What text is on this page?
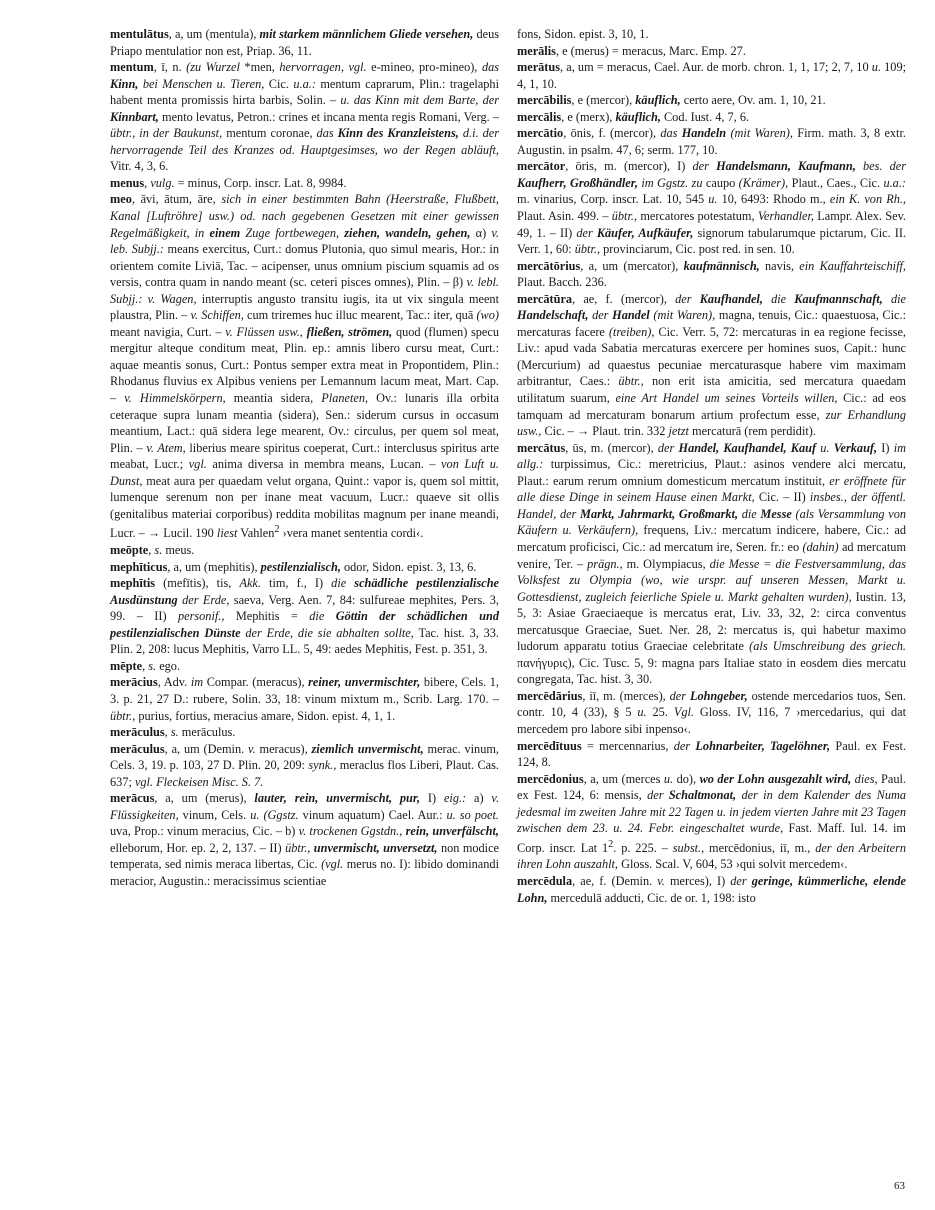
mentulātus, a, um (mentula), mit starkem männlichem Gliede versehen, deus Priapo mentulatior non est, Priap. 36, 11.

mentum, ī, n. (zu Wurzel *men, hervorragen, vgl. e-mineo, pro-mineo), das Kinn, bei Menschen u. Tieren, Cic. u.a.: mentum caprarum, Plin.: tragelaphi habent menta promissis hirta barbis, Solin. – u. das Kinn mit dem Barte, der Kinnbart, mento levatus, Petron.: crines et incana menta regis Romani, Verg. – übtr., in der Baukunst, mentum coronae, das Kinn des Kranzleistens, d.i. der hervorragende Teil des Kranzes od. Hauptgesimses, wo der Regen abläuft, Vitr. 4, 3, 6.

menus, vulg. = minus, Corp. inscr. Lat. 8, 9984.

meo, āvi, ātum, āre, sich in einer bestimmten Bahn (Heerstraße, Flußbett, Kanal [Luftröhre] usw.) od. nach gegebenen Gesetzen mit einer gewissen Regelmäßigkeit, in einem Zuge fortbewegen, ziehen, wandeln, gehen, α) v. leb. Subjj.: means exercitus, Curt.: domus Plutonia, quo simul mearis, Hor.: in orientem comite Liviā, Tac. – acipenser, unus omnium piscium squamis ad os versis, contra quam in nando meant (sc. ceteri pisces omnes), Plin. – β) v. lebl. Subjj.: v. Wagen, interruptis angusto transitu iugis, ita ut vix singula meent plaustra, Plin. – v. Schiffen, cum triremes huc illuc mearent, Tac.: iter, quā (wo) meant navigia, Curt. – v. Flüssen usw., fließen, strömen, quod (flumen) specu mergitur alteque conditum meat, Plin. ep.: amnis libero cursu meat, Curt.: aquae meantis sonus, Curt.: Pontus semper extra meat in Propontidem, Plin.: Rhodanus fluvius ex Alpibus veniens per Lemannum lacum meat, Mart. Cap. – v. Himmelskörpern, meantia sidera, Planeten, Ov.: lunaris illa orbita ceteraque supra lunam meantia (sidera), Sen.: siderum cursus in occasum meantium, Lact.: quā sidera lege mearent, Ov.: circulus, per quem sol meat, Plin. – v. Atem, liberius meare spiritus coeperat, Curt.: interclusus spiritus arte meabat, Lucr.; vgl. anima diversa in membra means, Lucan. – von Luft u. Dunst, meat aura per quaedam velut organa, Quint.: vapor is, quem sol mittit, lumenque serenum non per inane meat vacuum, Lucr.: quaeve sit ollis (genitalibus materiai corporibus) reddita mobilitas magnum per inane meandi, Lucr. – → Lucil. 190 liest Vahlen$^2$ ›vera manet sententia cordi‹.

meōpte, s. meus.

mephīticus, a, um (mephitis), pestilenzialisch, odor, Sidon. epist. 3, 13, 6.

mephītis (mefītis), tis, Akk. tim, f., I) die schädliche pestilenzialische Ausdünstung der Erde, saeva, Verg. Aen. 7, 84: sulfureae mephites, Pers. 3, 99. – II) personif., Mephitis = die Göttin der schädlichen und pestilenzialischen Dünste der Erde, die sie abhalten sollte, Tac. hist. 3, 33. Plin. 2, 208: lucus Mephitis, Varro LL. 5, 49: aedes Mephitis, Fest. p. 351, 3.

mēpte, s. ego.

merācius, Adv. im Compar. (meracus), reiner, unvermischter, bibere, Cels. 1, 3. p. 21, 27 D.: rubere, Solin. 33, 18: vinum mixtum m., Scrib. Larg. 170. – übtr., purius, fortius, meracius amare, Sidon. epist. 4, 1, 1.

merāculus, s. merāculus.

merāculus, a, um (Demin. v. meracus), ziemlich unvermischt, merac. vinum, Cels. 3, 19. p. 103, 27 D. Plin. 20, 209: synk., meraclus flos Liberi, Plaut. Cas. 637; vgl. Fleckeisen Misc. S. 7.

merācus, a, um (merus), lauter, rein, unvermischt, pur, I) eig.: a) v. Flüssigkeiten, vinum, Cels. u. (Ggstz. vinum aquatum) Cael. Aur.: u. so poet. uva, Prop.: vinum meracius, Cic. – b) v. trockenen Ggstdn., rein, unverfälscht, elleborum, Hor. ep. 2, 2, 137. – II) übtr., unvermischt, unversetzt, non modice temperata, sed nimis meraca libertas, Cic. (vgl. merus no. I): libido dominandi meracior, Augustin.: meracissimus scientiae

fons, Sidon. epist. 3, 10, 1.

merālis, e (merus) = meracus, Marc. Emp. 27.

merātus, a, um = meracus, Cael. Aur. de morb. chron. 1, 1, 17; 2, 7, 10 u. 109; 4, 1, 10.

mercābilis, e (mercor), käuflich, certo aere, Ov. am. 1, 10, 21.

mercālis, e (merx), käuflich, Cod. Iust. 4, 7, 6.

mercātio, ōnis, f. (mercor), das Handeln (mit Waren), Firm. math. 3, 8 extr. Augustin. in psalm. 47, 6; serm. 177, 10.

mercātor, ōris, m. (mercor), I) der Handelsmann, Kaufmann, bes. der Kaufherr, Großhändler, im Ggstz. zu caupo (Krämer), Plaut., Caes., Cic. u.a.: m. vinarius, Corp. inscr. Lat. 10, 545 u. 10, 6493: Rhodo m., ein K. von Rh., Plaut. Asin. 499. – übtr., mercatores potestatum, Verhandler, Lampr. Alex. Sev. 49, 1. – II) der Käufer, Aufkäufer, signorum tabularumque pictarum, Cic. II. Verr. 1, 60: übtr., provinciarum, Cic. post red. in sen. 10.

mercātōrius, a, um (mercator), kaufmännisch, navis, ein Kauffahrteischiff, Plaut. Bacch. 236.

mercātūra, ae, f. (mercor), der Kaufhandel, die Kaufmannschaft, die Handelschaft, der Handel (mit Waren), magna, tenuis, Cic.: quaestuosa, Cic.: mercaturas facere (treiben), Cic. Verr. 5, 72: mercaturas in ea regione fecisse, Liv.: apud vada Sabatia mercaturas exercere per homines suos, Capit.: hunc (Mercurium) ad quaestus pecuniae mercaturasque habere vim maximam arbitrantur, Caes.: übtr., non erit ista amicitia, sed mercatura quaedam utilitatum suarum, eine Art Handel um seines Vorteils willen, Cic.: ad eos tamquam ad mercaturam bonarum artium profectum esse, zur Erhandlung usw., Cic. – → Plaut. trin. 332 jetzt mercaturā (rem perdidit).

mercātus, ūs, m. (mercor), der Handel, Kaufhandel, Kauf u. Verkauf, I) im allg.: turpissimus, Cic.: meretricius, Plaut.: asinos vendere alci mercatu, Plaut.: earum rerum omnium domesticum mercatum instituit, er eröffnete für alle diese Dinge in seinem Hause einen Markt, Cic. – II) insbes., der öffentl. Handel, der Markt, Jahrmarkt, Großmarkt, die Messe (als Versammlung von Käufern u. Verkäufern), frequens, Liv.: mercatum indicere, habere, Cic.: ad mercatum proficisci, Cic.: ad mercatum ire, Seren. fr.: eo (dahin) ad mercatum venire, Ter. – prägn., m. Olympiacus, die Messe = die Festversammlung, das Volksfest zu Olympia (wo, wie urspr. auf unseren Messen, Markt u. Gottesdienst, zugleich feierliche Spiele u. Markt gehalten wurden), Iustin. 13, 5, 3: Asiae Graeciaeque is mercatus erat, Liv. 33, 32, 2: circa conventus mercatusque Graeciae, Suet. Ner. 28, 2: mercatus is, qui habetur maximo ludorum apparatu totius Graeciae celebritate (als Umschreibung des griech. πανήγυρις), Cic. Tusc. 5, 9: magna pars Italiae stato in eosdem dies mercatu congregata, Tac. hist. 3, 30.

mercēdārius, iī, m. (merces), der Lohngeber, ostende mercedarios tuos, Sen. contr. 10, 4 (33), § 5 u. 25. Vgl. Gloss. IV, 116, 7 ›mercedarius, qui dat mercedem pro labore sibi inpenso‹.

mercēdītuus = mercennarius, der Lohnarbeiter, Tagelöhner, Paul. ex Fest. 124, 8.

mercēdonius, a, um (merces u. do), wo der Lohn ausgezahlt wird, dies, Paul. ex Fest. 124, 6: mensis, der Schaltmonat, der in dem Kalender des Numa jedesmal im zweiten Jahre mit 22 Tagen u. in jedem vierten Jahre mit 23 Tagen zwischen dem 23. u. 24. Febr. eingeschaltet wurde, Fast. Maff. Iul. 14. im Corp. inscr. Lat $1^2$. p. 225. – subst., mercēdonius, iī, m., der den Arbeitern ihren Lohn auszahlt, Gloss. Scal. V, 604, 53 ›qui solvit mercedem‹.

mercēdula, ae, f. (Demin. v. merces), I) der geringe, kümmerliche, elende Lohn, mercedulā adducti, Cic. de or. 1, 198: isto

63
